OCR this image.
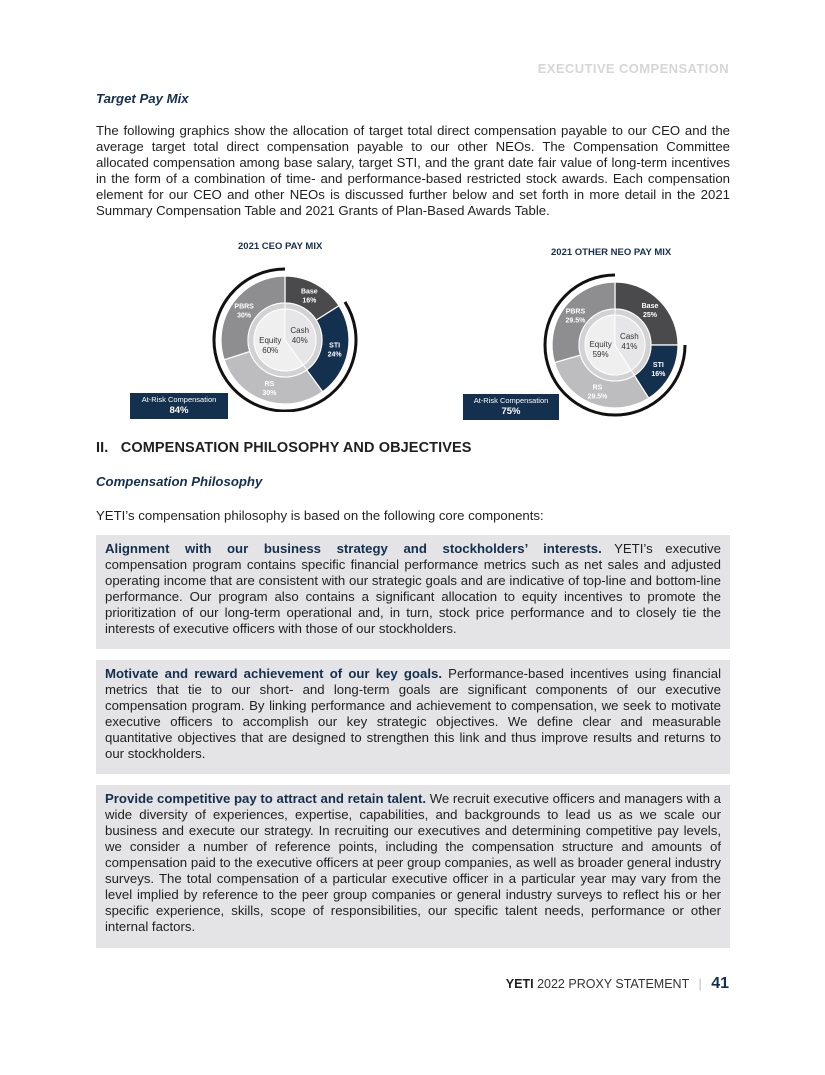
EXECUTIVE COMPENSATION
Target Pay Mix
The following graphics show the allocation of target total direct compensation payable to our CEO and the average target total direct compensation payable to our other NEOs. The Compensation Committee allocated compensation among base salary, target STI, and the grant date fair value of long-term incentives in the form of a combination of time- and performance-based restricted stock awards. Each compensation element for our CEO and other NEOs is discussed further below and set forth in more detail in the 2021 Summary Compensation Table and 2021 Grants of Plan-Based Awards Table.
2021 CEO PAY MIX
Base
16%
STI
24%
RS
30%
PBRS
30%
Cash
40%
Equity
60%
At-Risk Compensation
84%
2021 OTHER NEO PAY MIX
Base
25%
STI
16%
RS
29.5%
PBRS
29.5%
Cash
41%
Equity
59%
At-Risk Compensation
75%
II.   COMPENSATION PHILOSOPHY AND OBJECTIVES
Compensation Philosophy
YETI’s compensation philosophy is based on the following core components:
Alignment with our business strategy and stockholders’ interests. YETI’s executive compensation program contains specific financial performance metrics such as net sales and adjusted operating income that are consistent with our strategic goals and are indicative of top-line and bottom-line performance. Our program also contains a significant allocation to equity incentives to promote the prioritization of our long-term operational and, in turn, stock price performance and to closely tie the interests of executive officers with those of our stockholders.
Motivate and reward achievement of our key goals. Performance-based incentives using financial metrics that tie to our short- and long-term goals are significant components of our executive compensation program. By linking performance and achievement to compensation, we seek to motivate executive officers to accomplish our key strategic objectives. We define clear and measurable quantitative objectives that are designed to strengthen this link and thus improve results and returns to our stockholders.
Provide competitive pay to attract and retain talent. We recruit executive officers and managers with a wide diversity of experiences, expertise, capabilities, and backgrounds to lead us as we scale our business and execute our strategy. In recruiting our executives and determining competitive pay levels, we consider a number of reference points, including the compensation structure and amounts of compensation paid to the executive officers at peer group companies, as well as broader general industry surveys. The total compensation of a particular executive officer in a particular year may vary from the level implied by reference to the peer group companies or general industry surveys to reflect his or her specific experience, skills, scope of responsibilities, our specific talent needs, performance or other internal factors.
YETI 2022 PROXY STATEMENT | 41
